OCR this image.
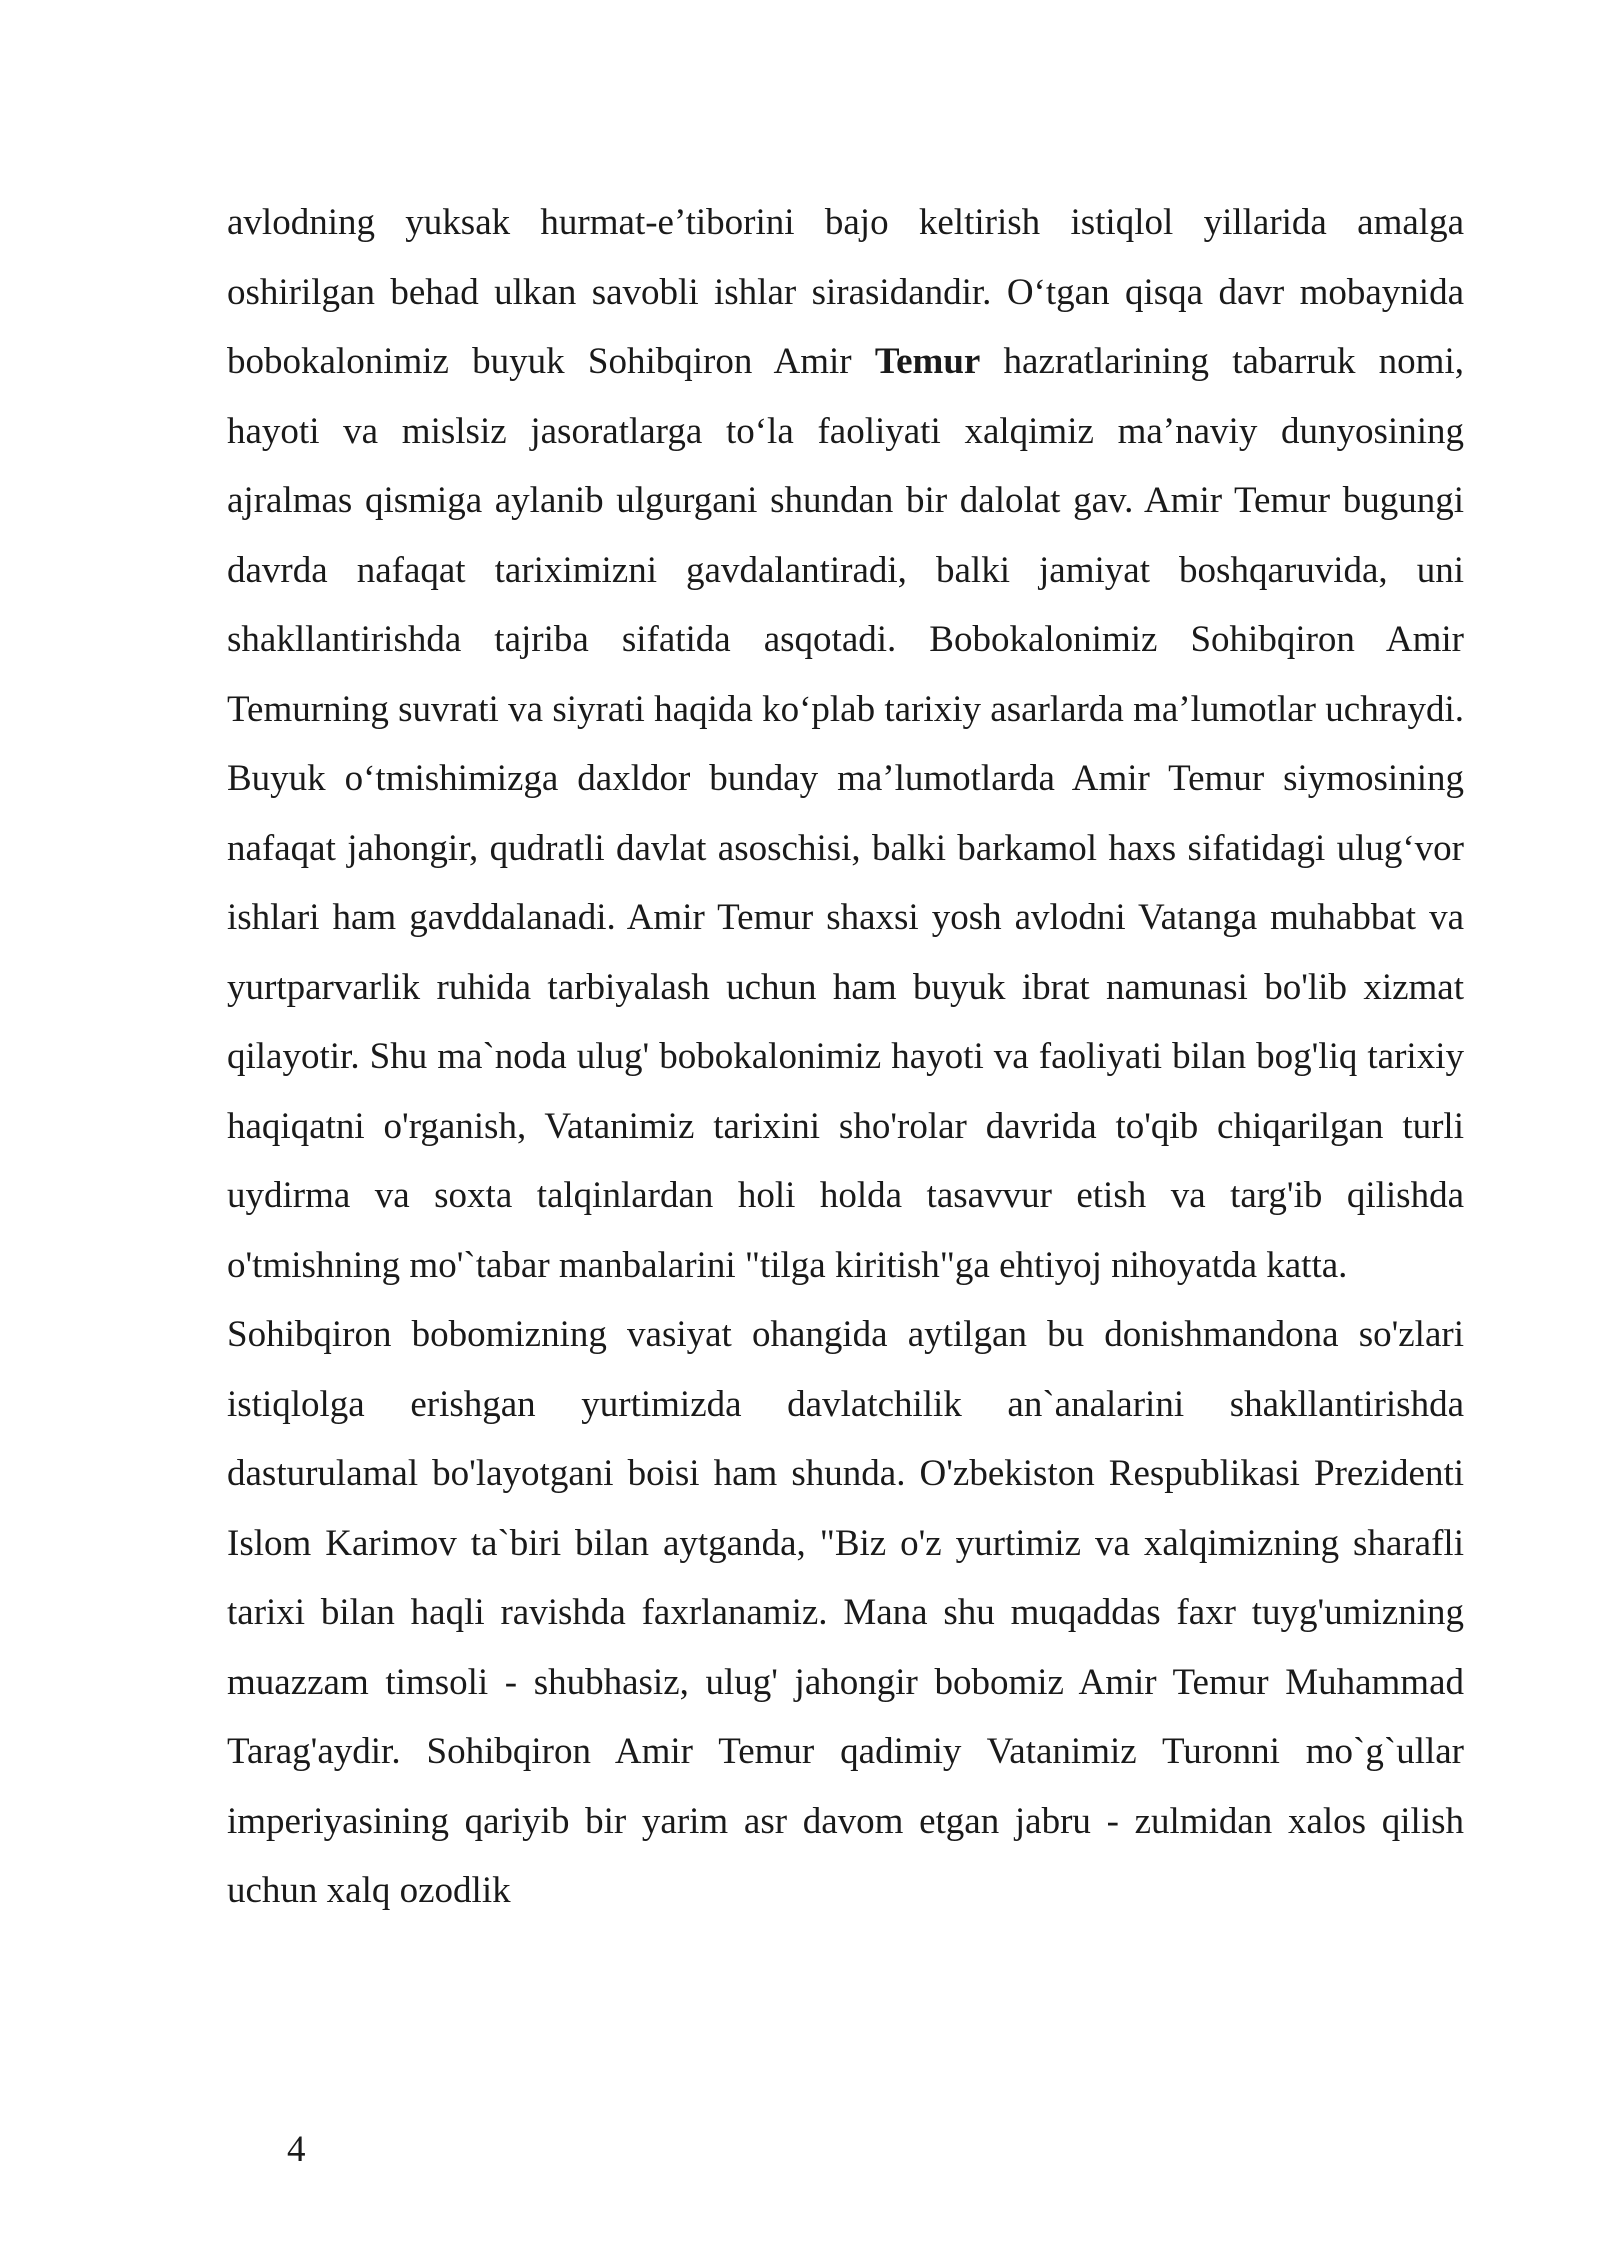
avlodning yuksak hurmat-e’tiborini bajo keltirish istiqlol yillarida amalga oshirilgan behad ulkan savobli ishlar sirasidandir. O‘tgan qisqa davr mobaynida bobokalonimiz buyuk Sohibqiron Amir Temur hazratlarining tabarruk nomi, hayoti va mislsiz jasoratlarga to‘la faoliyati xalqimiz ma’naviy dunyosining ajralmas qismiga aylanib ulgurgani shundan bir dalolat gav. Amir Temur bugungi davrda nafaqat tariximizni gavdalantiradi, balki jamiyat boshqaruvida, uni shakllantirishda tajriba sifatida asqotadi. Bobokalonimiz Sohibqiron Amir Temurning suvrati va siyrati haqida ko‘plab tarixiy asarlarda ma’lumotlar uchraydi. Buyuk o‘tmishimizga daxldor bunday ma’lumotlarda Amir Temur siymosining nafaqat jahongir, qudratli davlat asoschisi, balki barkamol haxs sifatidagi ulug‘vor ishlari ham gavddalanadi. Amir Temur shaxsi yosh avlodni Vatanga muhabbat va yurtparvarlik ruhida tarbiyalash uchun ham buyuk ibrat namunasi bo'lib xizmat qilayotir. Shu ma`noda ulug' bobokalonimiz hayoti va faoliyati bilan bog'liq tarixiy haqiqatni o'rganish, Vatanimiz tarixini sho'rolar davrida to'qib chiqarilgan turli uydirma va soxta talqinlardan holi holda tasavvur etish va targ'ib qilishda o'tmishning mo'`tabar manbalarini "tilga kiritish"ga ehtiyoj nihoyatda katta.

Sohibqiron bobomizning vasiyat ohangida aytilgan bu donishmandona so'zlari istiqlolga erishgan yurtimizda davlatchilik an`analarini shakllantirishda dasturulamal bo'layotgani boisi ham shunda. O'zbekiston Respublikasi Prezidenti Islom Karimov ta`biri bilan aytganda, "Biz o'z yurtimiz va xalqimizning sharafli tarixi bilan haqli ravishda faxrlanamiz. Mana shu muqaddas faxr tuyg'umizning muazzam timsoli - shubhasiz, ulug' jahongir bobomiz Amir Temur Muhammad Tarag'aydir. Sohibqiron Amir Temur qadimiy Vatanimiz Turonni mo`g`ullar imperiyasining qariyib bir yarim asr davom etgan jabru - zulmidan xalos qilish uchun xalq ozodlik

4
